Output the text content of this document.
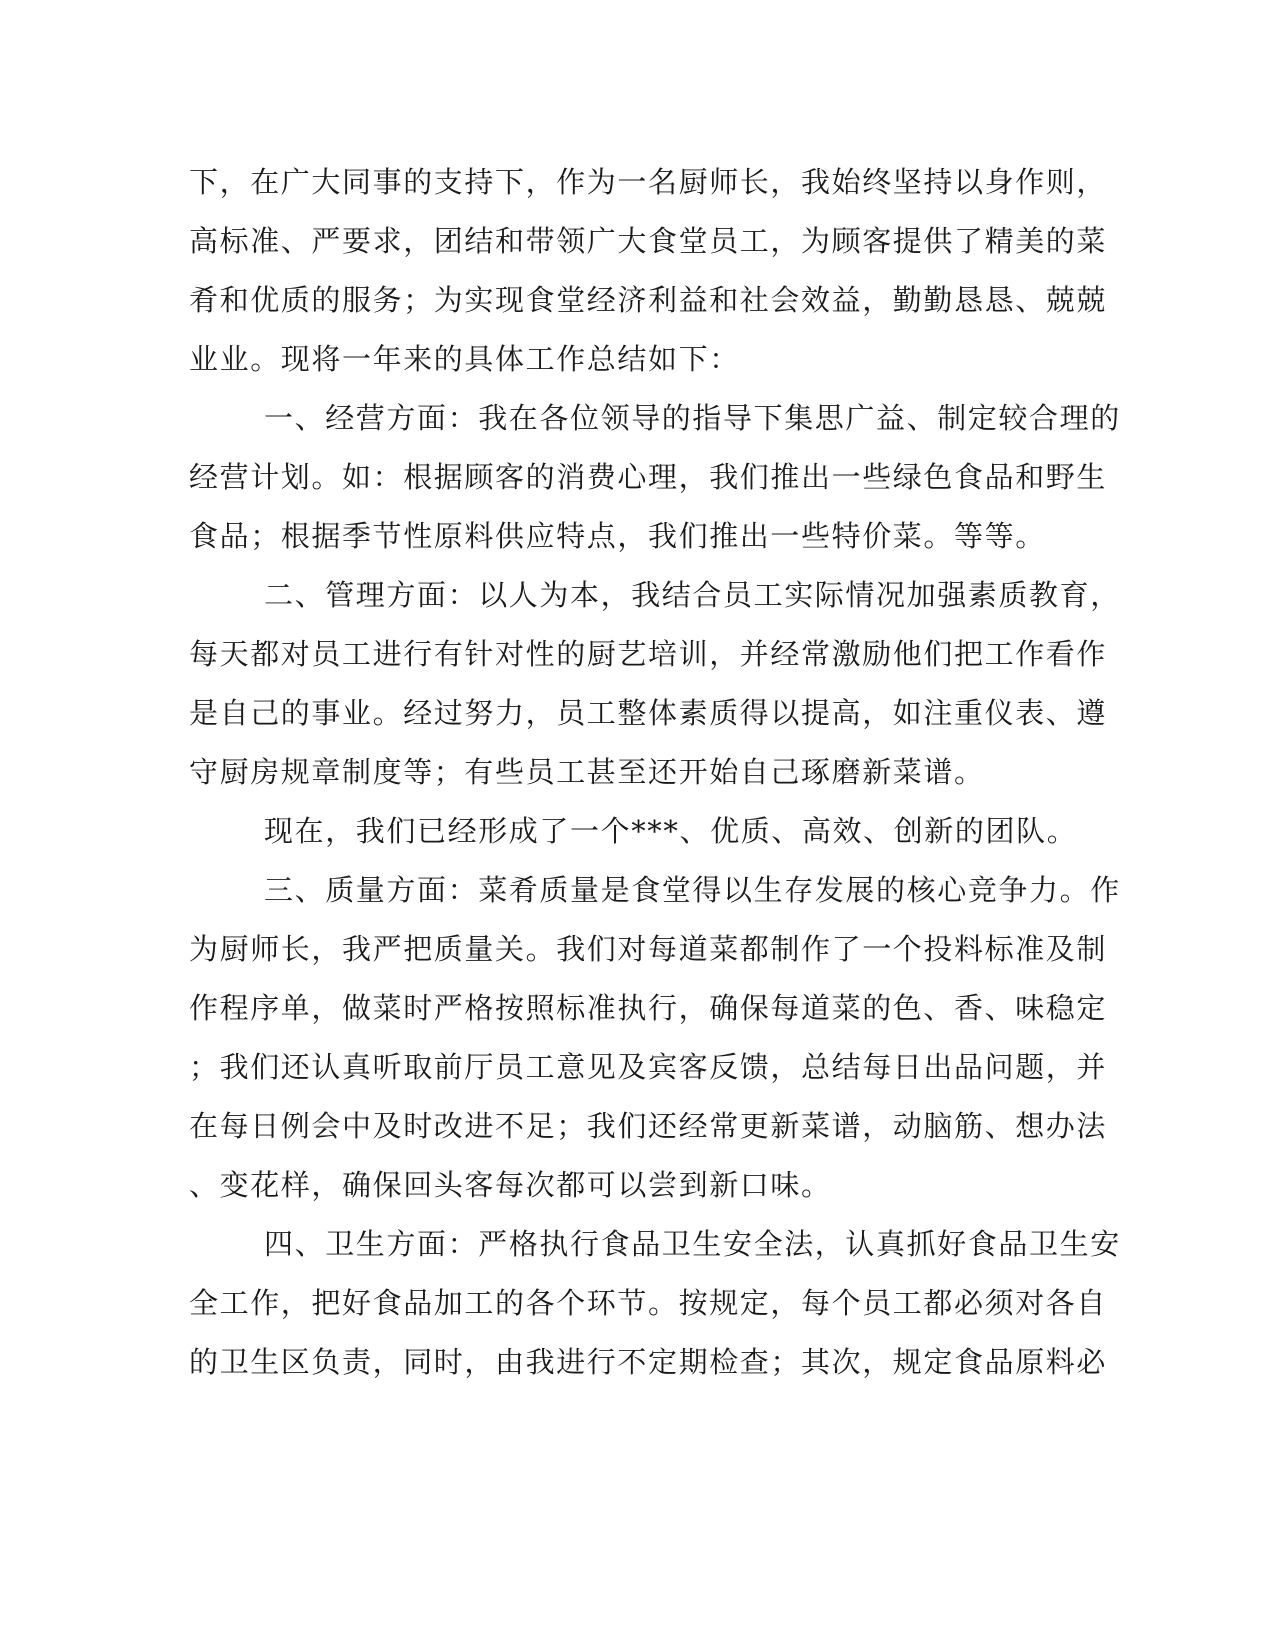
下，在广大同事的支持下，作为一名厨师长，我始终坚持以身作则，

高标准、严要求，团结和带领广大食堂员工，为顾客提供了精美的菜

肴和优质的服务；为实现食堂经济利益和社会效益，勤勤恳恳、兢兢

业业。现将一年来的具体工作总结如下：

一、经营方面：我在各位领导的指导下集思广益、制定较合理的

经营计划。如：根据顾客的消费心理，我们推出一些绿色食品和野生

食品；根据季节性原料供应特点，我们推出一些特价菜。等等。

二、管理方面：以人为本，我结合员工实际情况加强素质教育，

每天都对员工进行有针对性的厨艺培训，并经常激励他们把工作看作

是自己的事业。经过努力，员工整体素质得以提高，如注重仪表、遵

守厨房规章制度等；有些员工甚至还开始自己琢磨新菜谱。

现在，我们已经形成了一个***、优质、高效、创新的团队。

三、质量方面：菜肴质量是食堂得以生存发展的核心竞争力。作

为厨师长，我严把质量关。我们对每道菜都制作了一个投料标准及制

作程序单，做菜时严格按照标准执行，确保每道菜的色、香、味稳定

；我们还认真听取前厅员工意见及宾客反馈，总结每日出品问题，并

在每日例会中及时改进不足；我们还经常更新菜谱，动脑筋、想办法

、变花样，确保回头客每次都可以尝到新口味。

四、卫生方面：严格执行食品卫生安全法，认真抓好食品卫生安

全工作，把好食品加工的各个环节。按规定，每个员工都必须对各自

的卫生区负责，同时，由我进行不定期检查；其次，规定食品原料必
